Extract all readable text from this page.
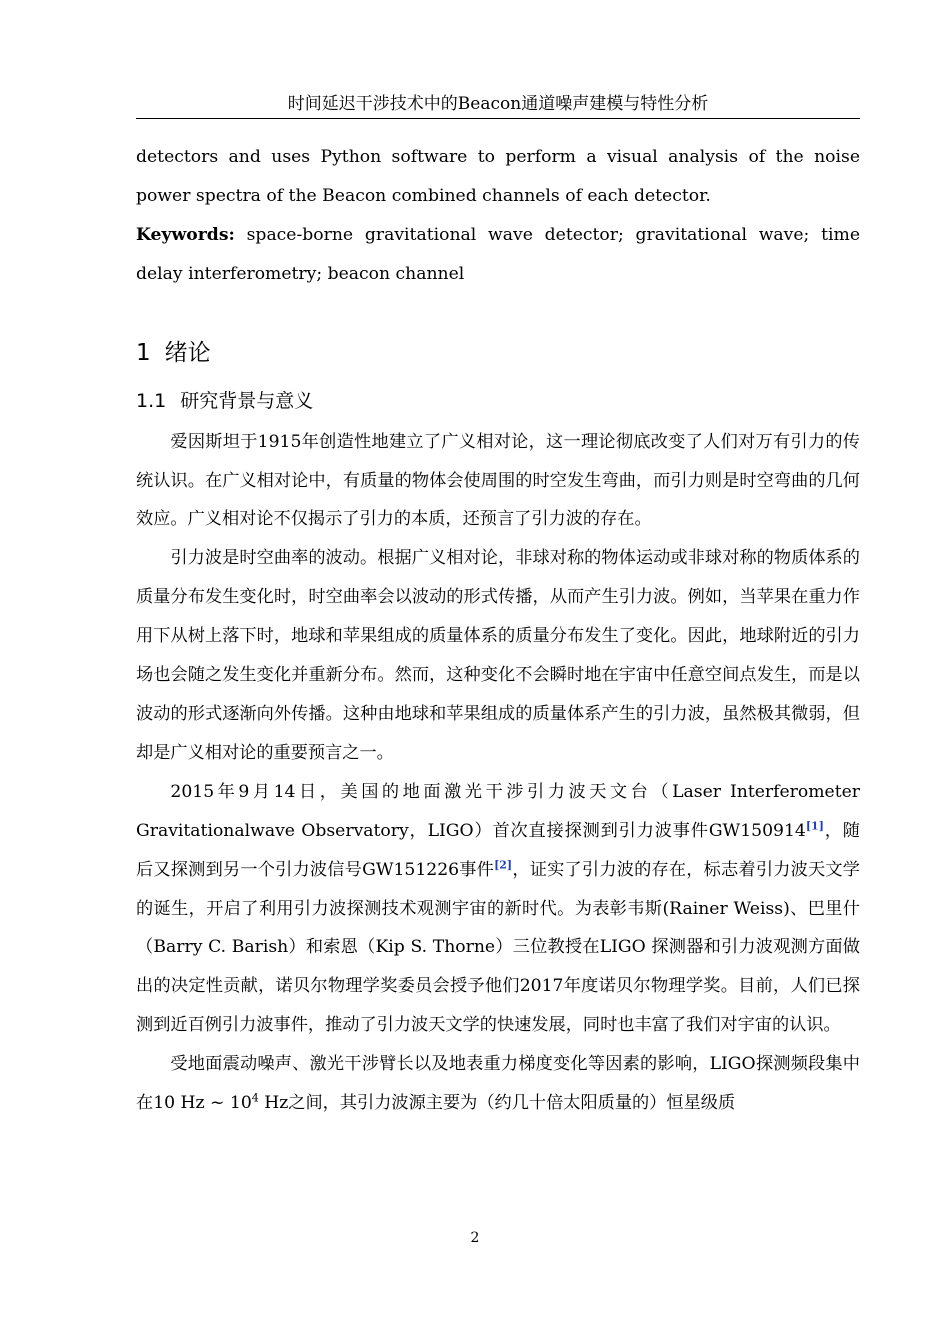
时间延迟干涉技术中的Beacon通道噪声建模与特性分析

detectors and uses Python software to perform a visual analysis of the noise power spectra of the Beacon combined channels of each detector.

Keywords: space-borne gravitational wave detector; gravitational wave; time delay interferometry; beacon channel

1 绪论
1.1 研究背景与意义

爱因斯坦于1915年创造性地建立了广义相对论，这一理论彻底改变了人们对万有引力的传统认识。在广义相对论中，有质量的物体会使周围的时空发生弯曲，而引力则是时空弯曲的几何效应。广义相对论不仅揭示了引力的本质，还预言了引力波的存在。

引力波是时空曲率的波动。根据广义相对论，非球对称的物体运动或非球对称的物质体系的质量分布发生变化时，时空曲率会以波动的形式传播，从而产生引力波。例如，当苹果在重力作用下从树上落下时，地球和苹果组成的质量体系的质量分布发生了变化。因此，地球附近的引力场也会随之发生变化并重新分布。然而，这种变化不会瞬时地在宇宙中任意空间点发生，而是以波动的形式逐渐向外传播。这种由地球和苹果组成的质量体系产生的引力波，虽然极其微弱，但却是广义相对论的重要预言之一。

2015年9月14日，美国的地面激光干涉引力波天文台（Laser Interferometer Gravitationalwave Observatory，LIGO）首次直接探测到引力波事件GW150914[1]，随后又探测到另一个引力波信号GW151226事件[2]，证实了引力波的存在，标志着引力波天文学的诞生，开启了利用引力波探测技术观测宇宙的新时代。为表彰韦斯(Rainer Weiss)、巴里什（Barry C. Barish）和索恩（Kip S. Thorne）三位教授在LIGO 探测器和引力波观测方面做出的决定性贡献，诺贝尔物理学奖委员会授予他们2017年度诺贝尔物理学奖。目前，人们已探测到近百例引力波事件，推动了引力波天文学的快速发展，同时也丰富了我们对宇宙的认识。

受地面震动噪声、激光干涉臂长以及地表重力梯度变化等因素的影响，LIGO探测频段集中在10 Hz ~ $10^4$ Hz之间，其引力波源主要为（约几十倍太阳质量的）恒星级质

2
